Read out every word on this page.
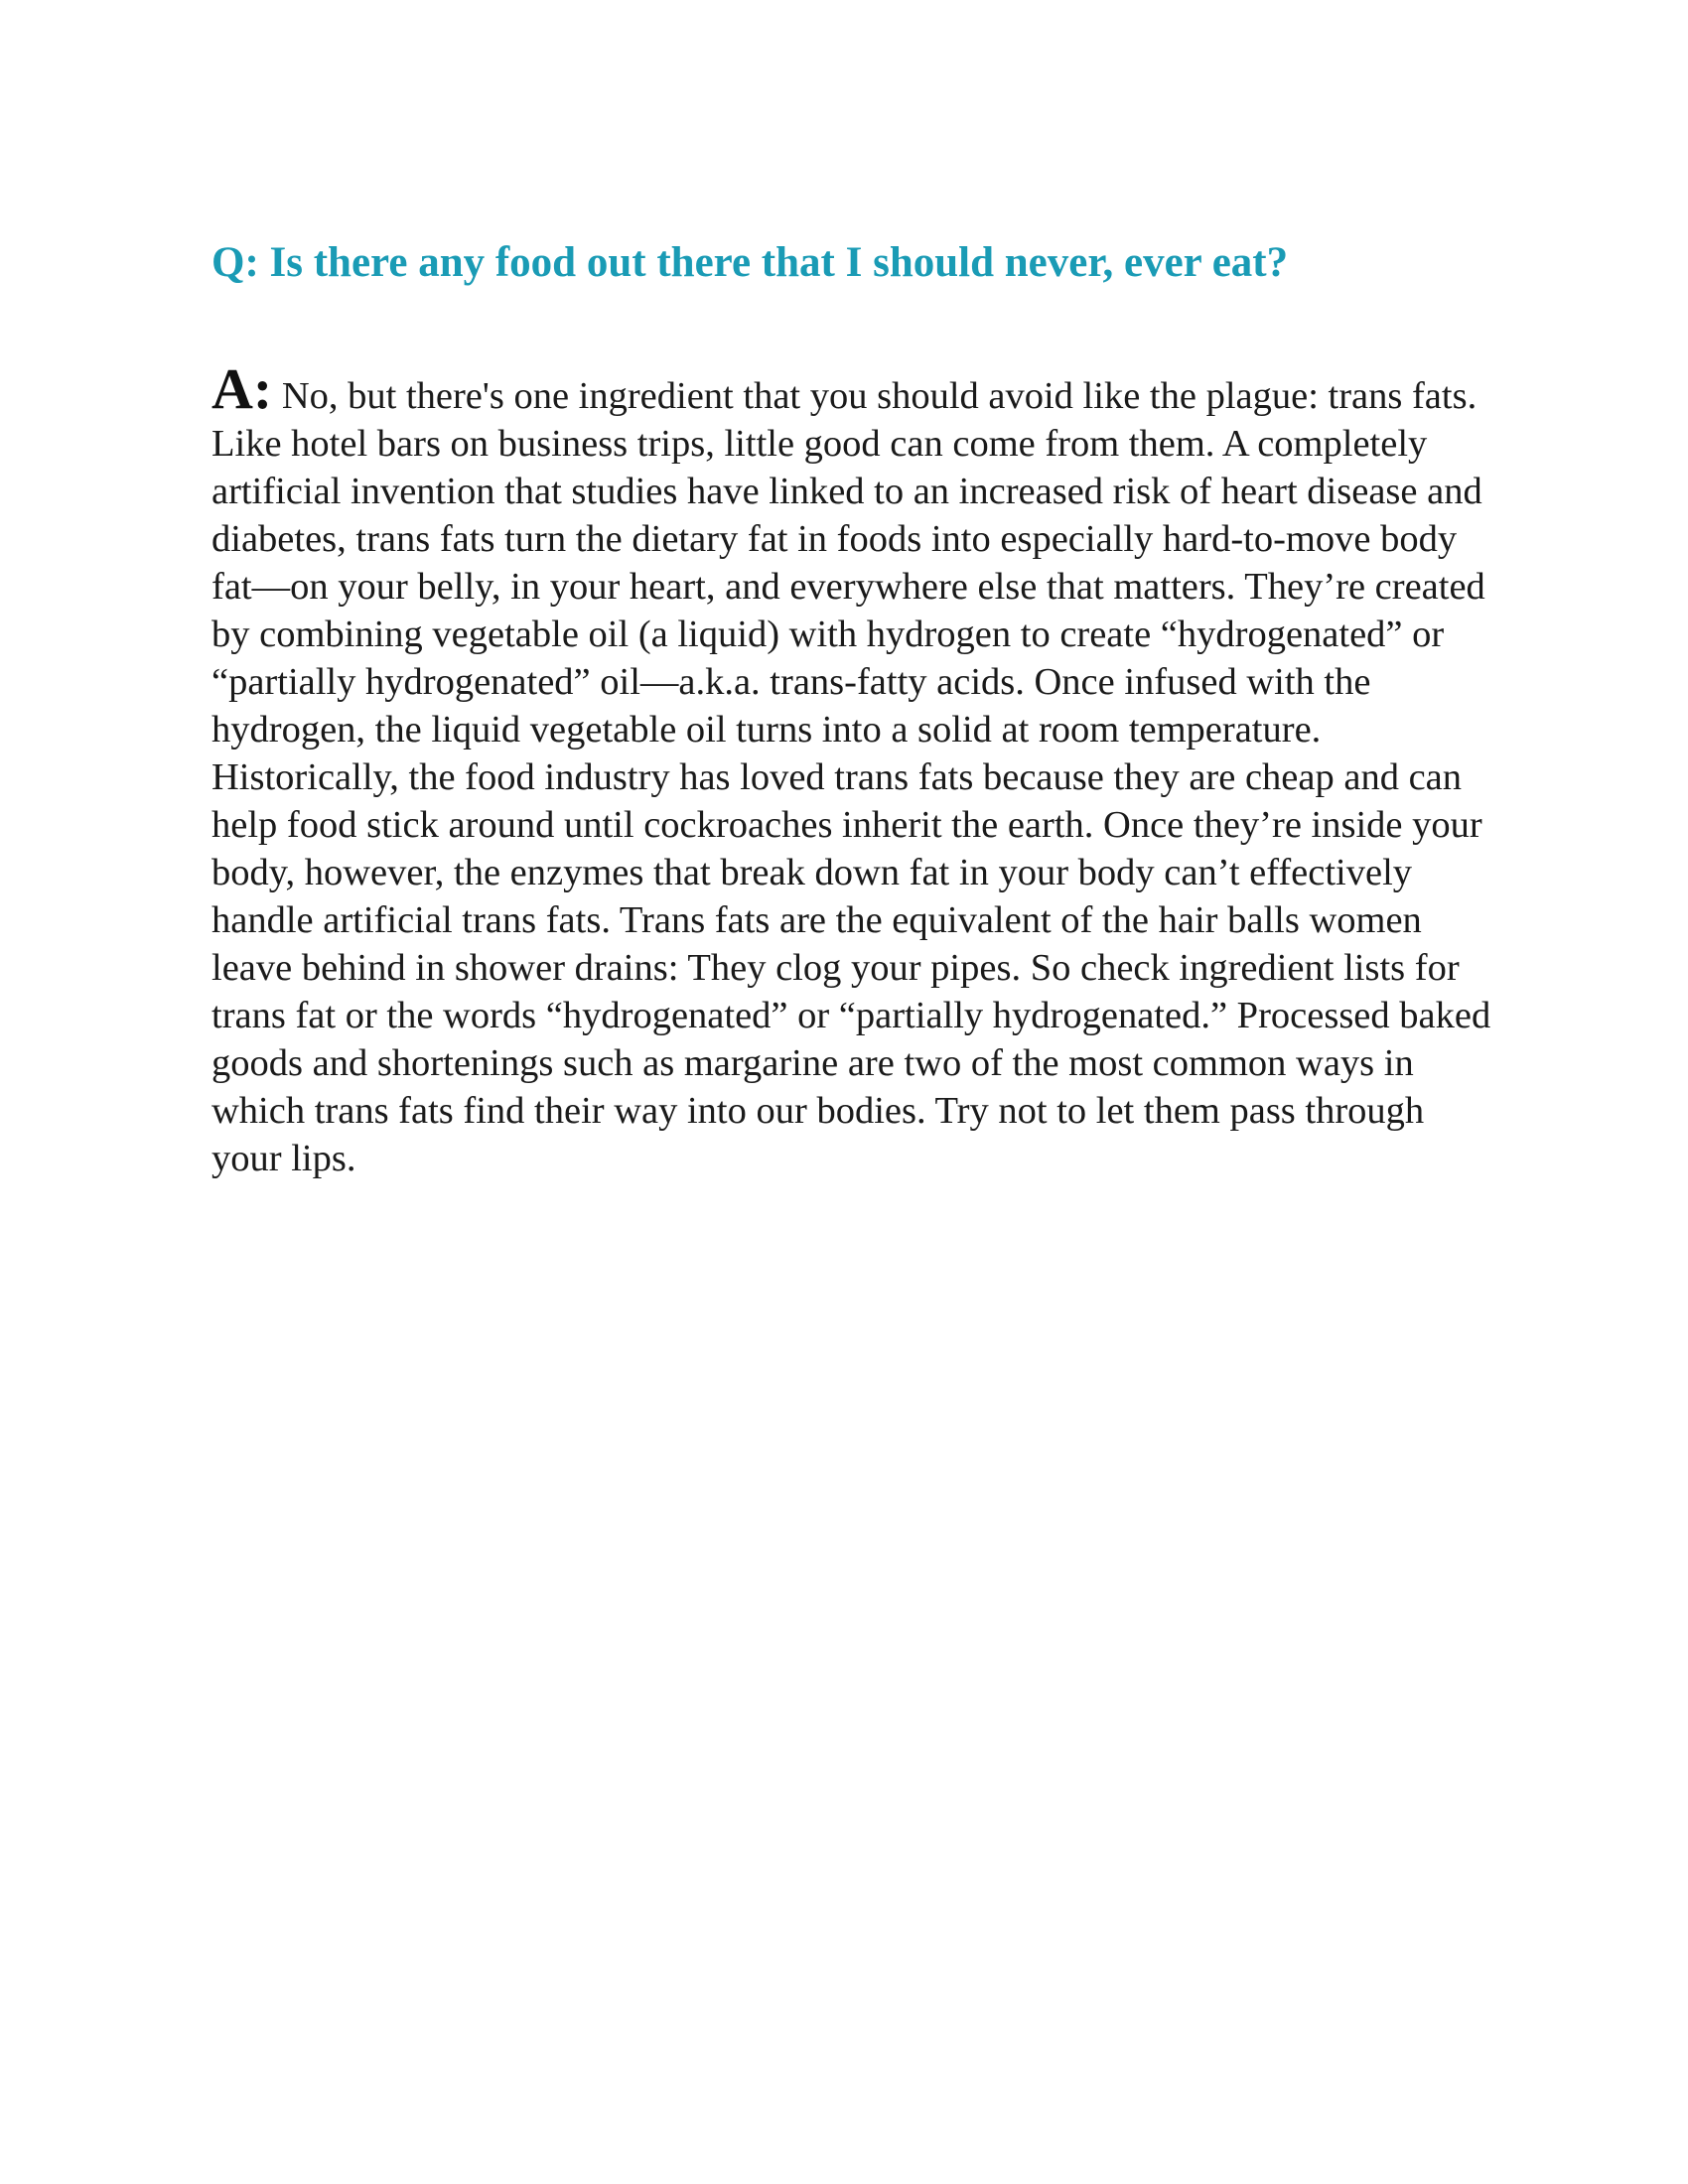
Q: Is there any food out there that I should never, ever eat?

A: No, but there's one ingredient that you should avoid like the plague: trans fats. Like hotel bars on business trips, little good can come from them. A completely artificial invention that studies have linked to an increased risk of heart disease and diabetes, trans fats turn the dietary fat in foods into especially hard-to-move body fat—on your belly, in your heart, and everywhere else that matters. They’re created by combining vegetable oil (a liquid) with hydrogen to create “hydrogenated” or “partially hydrogenated” oil—a.k.a. trans-fatty acids. Once infused with the hydrogen, the liquid vegetable oil turns into a solid at room temperature. Historically, the food industry has loved trans fats because they are cheap and can help food stick around until cockroaches inherit the earth. Once they’re inside your body, however, the enzymes that break down fat in your body can’t effectively handle artificial trans fats. Trans fats are the equivalent of the hair balls women leave behind in shower drains: They clog your pipes. So check ingredient lists for trans fat or the words “hydrogenated” or “partially hydrogenated.” Processed baked goods and shortenings such as margarine are two of the most common ways in which trans fats find their way into our bodies. Try not to let them pass through your lips.
